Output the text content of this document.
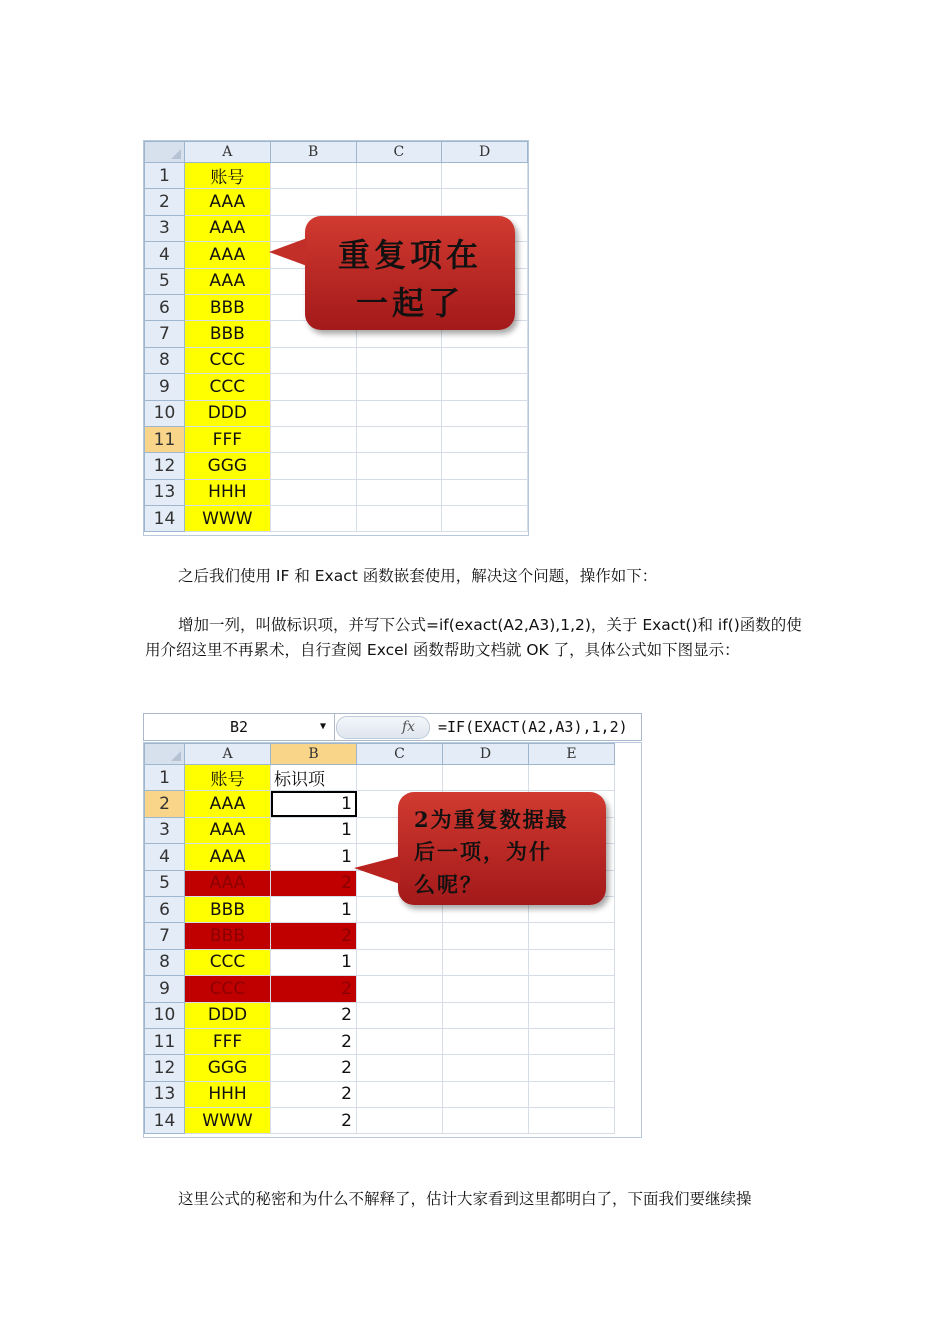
	A	B	C	D
1	账号			
2	AAA			
3	AAA			
4	AAA			
5	AAA			
6	BBB			
7	BBB			
8	CCC			
9	CCC			
10	DDD			
11	FFF			
12	GGG			
13	HHH			
14	WWW			
重复项在
一起了

之后我们使用 IF 和 Exact 函数嵌套使用，解决这个问题，操作如下：

增加一列，叫做标识项，并写下公式=if(exact(A2,A3),1,2)，关于 Exact()和 if()函数的使用介绍这里不再累术，自行查阅 Excel 函数帮助文档就 OK 了，具体公式如下图显示：

B2	▼	fx =IF(EXACT(A2,A3),1,2)
	A	B	C	D	E
1	账号	标识项			
2	AAA	1			
3	AAA	1			
4	AAA	1			
5	AAA	2			
6	BBB	1			
7	BBB	2			
8	CCC	1			
9	CCC	2			
10	DDD	2			
11	FFF	2			
12	GGG	2			
13	HHH	2			
14	WWW	2			
2为重复数据最
后一项，为什
么呢？

这里公式的秘密和为什么不解释了，估计大家看到这里都明白了，下面我们要继续操
